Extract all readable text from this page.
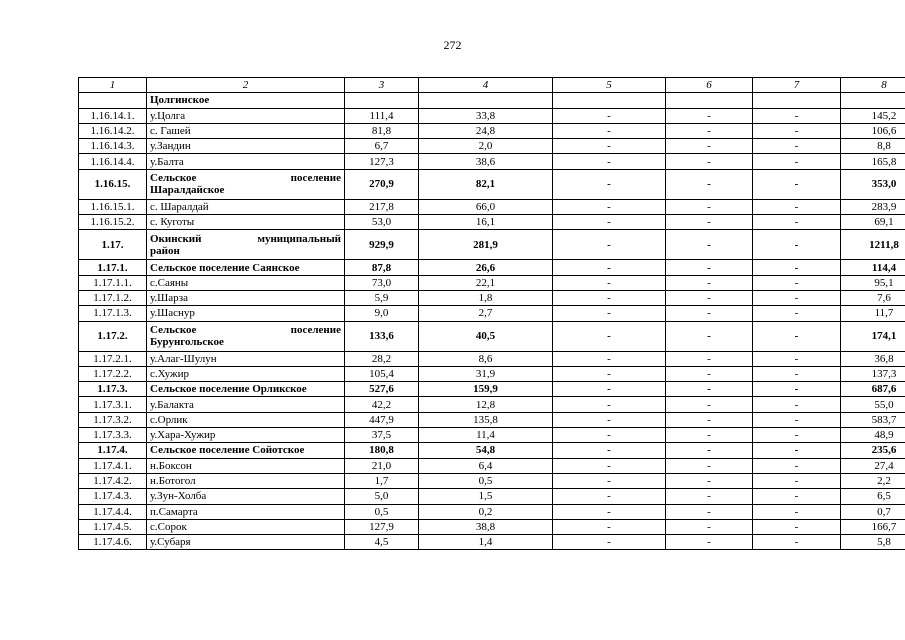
272
1	2	3	4	5	6	7	8
	Цолгинское						
1.16.14.1.	у.Цолга	111,4	33,8	-	-	-	145,2
1.16.14.2.	с. Гашей	81,8	24,8	-	-	-	106,6
1.16.14.3.	у.Зандин	6,7	2,0	-	-	-	8,8
1.16.14.4.	у.Балта	127,3	38,6	-	-	-	165,8
1.16.15.	Сельское поселение
Шаралдайское	270,9	82,1	-	-	-	353,0
1.16.15.1.	с. Шаралдай	217,8	66,0	-	-	-	283,9
1.16.15.2.	с. Куготы	53,0	16,1	-	-	-	69,1
1.17.	Окинский муниципальный
район	929,9	281,9	-	-	-	1211,8
1.17.1.	Сельское поселение Саянское	87,8	26,6	-	-	-	114,4
1.17.1.1.	с.Саяны	73,0	22,1	-	-	-	95,1
1.17.1.2.	у.Шарза	5,9	1,8	-	-	-	7,6
1.17.1.3.	у.Шаснур	9,0	2,7	-	-	-	11,7
1.17.2.	Сельское поселение
Бурунгольское	133,6	40,5	-	-	-	174,1
1.17.2.1.	у.Алаг-Шулун	28,2	8,6	-	-	-	36,8
1.17.2.2.	с.Хужир	105,4	31,9	-	-	-	137,3
1.17.3.	Сельское поселение Орликское	527,6	159,9	-	-	-	687,6
1.17.3.1.	у.Балакта	42,2	12,8	-	-	-	55,0
1.17.3.2.	с.Орлик	447,9	135,8	-	-	-	583,7
1.17.3.3.	у.Хара-Хужир	37,5	11,4	-	-	-	48,9
1.17.4.	Сельское поселение Сойотское	180,8	54,8	-	-	-	235,6
1.17.4.1.	н.Боксон	21,0	6,4	-	-	-	27,4
1.17.4.2.	н.Ботогол	1,7	0,5	-	-	-	2,2
1.17.4.3.	у.Зун-Холба	5,0	1,5	-	-	-	6,5
1.17.4.4.	п.Самарта	0,5	0,2	-	-	-	0,7
1.17.4.5.	с.Сорок	127,9	38,8	-	-	-	166,7
1.17.4.6.	у.Субаря	4,5	1,4	-	-	-	5,8
